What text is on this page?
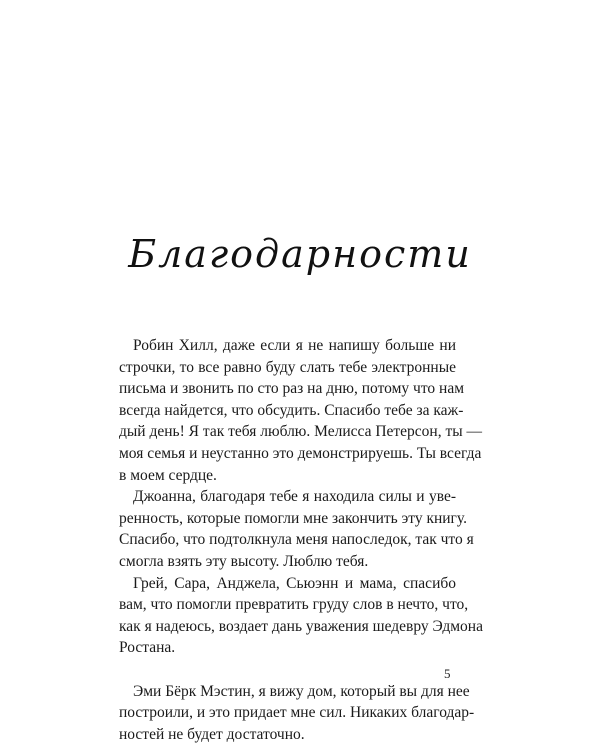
Благодарности
Робин Хилл, даже если я не напишу больше ни
строчки, то все равно буду слать тебе электронные
письма и звонить по сто раз на дню, потому что нам
всегда найдется, что обсудить. Спасибо тебе за каж-
дый день! Я так тебя люблю. Мелисса Петерсон, ты —
моя семья и неустанно это демонстрируешь. Ты всегда
в моем сердце.
Джоанна, благодаря тебе я находила силы и уве-
ренность, которые помогли мне закончить эту книгу.
Спасибо, что подтолкнула меня напоследок, так что я
смогла взять эту высоту. Люблю тебя.
Грей, Сара, Анджела, Сьюэнн и мама, спасибо
вам, что помогли превратить груду слов в нечто, что,
как я надеюсь, воздает дань уважения шедевру Эдмона
Ростана.
Эми Бёрк Мэстин, я вижу дом, который вы для нее
построили, и это придает мне сил. Никаких благодар-
ностей не будет достаточно.
5
